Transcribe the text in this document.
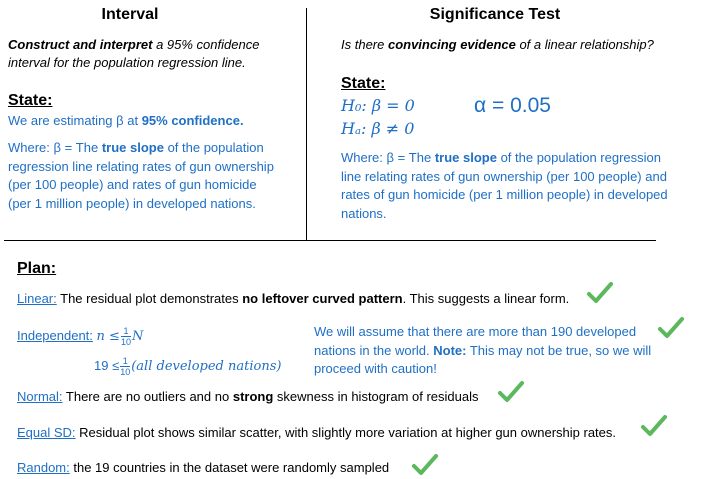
Interval
Construct and interpret a 95% confidence interval for the population regression line.
State:
We are estimating β at 95% confidence.
Where: β = The true slope of the population regression line relating rates of gun ownership (per 100 people) and rates of gun homicide (per 1 million people) in developed nations.
Significance Test
Is there convincing evidence of a linear relationship?
State:
H₀: β = 0
Hₐ: β ≠ 0
α = 0.05
Where: β = The true slope of the population regression line relating rates of gun ownership (per 100 people) and rates of gun homicide (per 1 million people) in developed nations.
Plan:
Linear: The residual plot demonstrates no leftover curved pattern. This suggests a linear form.
Independent: $n \le \frac{1}{10}$ N
$19 \le \frac{1}{10} (all$ developed nations)
We will assume that there are more than 190 developed nations in the world. Note: This may not be true, so we will proceed with caution!
Normal: There are no outliers and no strong skewness in histogram of residuals
Equal SD: Residual plot shows similar scatter, with slightly more variation at higher gun ownership rates.
Random: the 19 countries in the dataset were randomly sampled
